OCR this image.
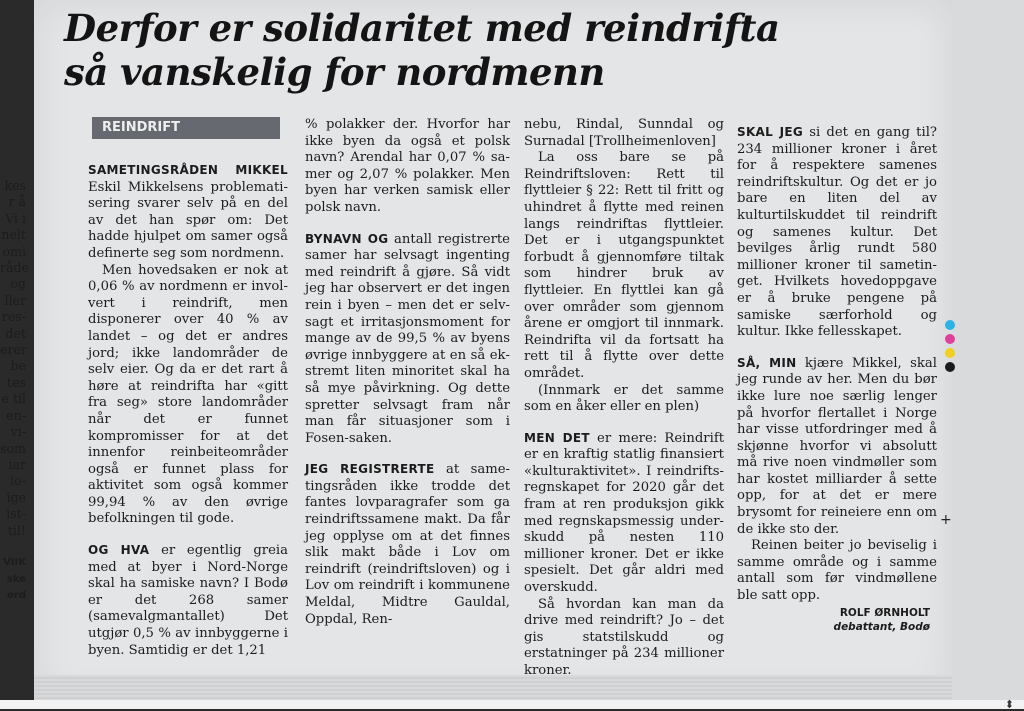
kes
r å
Vi i
nelt
omi
råde
og
ller
res-
det
erer
be
tes
e til
en-
vi-
som
iar
io-
ige
ist-
til!

VIIK
ske
ord
Derfor er solidaritet med reindrifta
så vanskelig for nordmenn
REINDRIFT

SAMETINGSRÅDEN MIKKEL Eskil Mikkelsens problematisering svarer selv på en del av det han spør om: Det hadde hjulpet om samer også definerte seg som nordmenn.

Men hovedsaken er nok at 0,06 % av nordmenn er involvert i reindrift, men disponerer over 40 % av landet – og det er andres jord; ikke landområder de selv eier. Og da er det rart å høre at reindrifta har «gitt fra seg» store landområder når det er funnet kompromisser for at det innenfor reinbeiteområder også er funnet plass for aktivitet som også kommer 99,94 % av den øvrige befolkningen til gode.

OG HVA er egentlig greia med at byer i Nord-Norge skal ha samiske navn? I Bodø er det 268 samer (samevalgmantallet) Det utgjør 0,5 % av innbyggerne i byen. Samtidig er det 1,21

% polakker der. Hvorfor har ikke byen da også et polsk navn? Arendal har 0,07 % samer og 2,07 % polakker. Men byen har verken samisk eller polsk navn.

BYNAVN OG antall registrerte samer har selvsagt ingenting med reindrift å gjøre. Så vidt jeg har observert er det ingen rein i byen – men det er selvsagt et irritasjonsmoment for mange av de 99,5 % av byens øvrige innbyggere at en så ekstremt liten minoritet skal ha så mye påvirkning. Og dette spretter selvsagt fram når man får situasjoner som i Fosen-saken.

JEG REGISTRERTE at sametingsråden ikke trodde det fantes lovparagrafer som ga reindriftssamene makt. Da får jeg opplyse om at det finnes slik makt både i Lov om reindrift (reindriftsloven) og i Lov om reindrift i kommunene Meldal, Midtre Gauldal, Oppdal, Ren-

nebu, Rindal, Sunndal og Surnadal [Trollheimenloven]

La oss bare se på Reindriftsloven: Rett til flyttleier § 22: Rett til fritt og uhindret å flytte med reinen langs reindriftas flyttleier. Det er i utgangspunktet forbudt å gjennomføre tiltak som hindrer bruk av flyttleier. En flyttlei kan gå over områder som gjennom årene er omgjort til innmark. Reindrifta vil da fortsatt ha rett til å flytte over dette området.

(Innmark er det samme som en åker eller en plen)

MEN DET er mere: Reindrift er en kraftig statlig finansiert «kulturaktivitet». I reindriftsregnskapet for 2020 går det fram at ren produksjon gikk med regnskapsmessig underskudd på nesten 110 millioner kroner. Det er ikke spesielt. Det går aldri med overskudd.

Så hvordan kan man da drive med reindrift? Jo – det gis statstilskudd og erstatninger på 234 millioner kroner.

SKAL JEG si det en gang til? 234 millioner kroner i året for å respektere samenes reindriftskultur. Og det er jo bare en liten del av kulturtilskuddet til reindrift og samenes kultur. Det bevilges årlig rundt 580 millioner kroner til sametinget. Hvilkets hovedoppgave er å bruke pengene på samiske særforhold og kultur. Ikke fellesskapet.

SÅ, MIN kjære Mikkel, skal jeg runde av her. Men du bør ikke lure noe særlig lenger på hvorfor flertallet i Norge har visse utfordringer med å skjønne hvorfor vi absolutt må rive noen vindmøller som har kostet milliarder å sette opp, for at det er mere brysomt for reineiere enn om de ikke sto der.

Reinen beiter jo beviselig i samme område og i samme antall som før vindmøllene ble satt opp.

ROLF ØRNHOLT
debattant, Bodø
+
⬍
